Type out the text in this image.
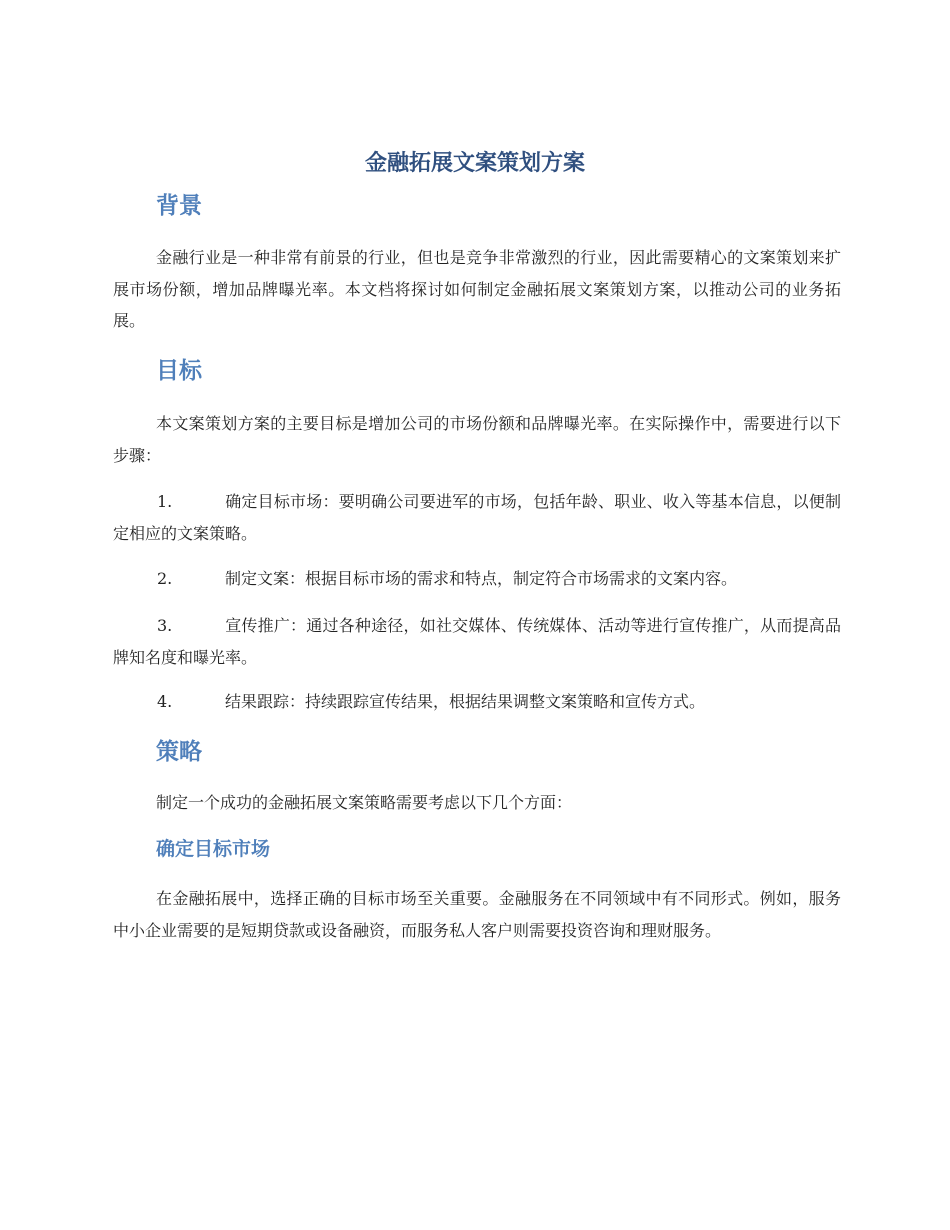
金融拓展文案策划方案
背景

金融行业是一种非常有前景的行业，但也是竞争非常激烈的行业，因此需要精心的文案策划来扩展市场份额，增加品牌曝光率。本文档将探讨如何制定金融拓展文案策划方案，以推动公司的业务拓展。

目标

本文案策划方案的主要目标是增加公司的市场份额和品牌曝光率。在实际操作中，需要进行以下步骤：

1.	确定目标市场：要明确公司要进军的市场，包括年龄、职业、收入等基本信息，以便制定相应的文案策略。

2.	制定文案：根据目标市场的需求和特点，制定符合市场需求的文案内容。

3.	宣传推广：通过各种途径，如社交媒体、传统媒体、活动等进行宣传推广，从而提高品牌知名度和曝光率。

4.	结果跟踪：持续跟踪宣传结果，根据结果调整文案策略和宣传方式。

策略

制定一个成功的金融拓展文案策略需要考虑以下几个方面：

确定目标市场

在金融拓展中，选择正确的目标市场至关重要。金融服务在不同领域中有不同形式。例如，服务中小企业需要的是短期贷款或设备融资，而服务私人客户则需要投资咨询和理财服务。
